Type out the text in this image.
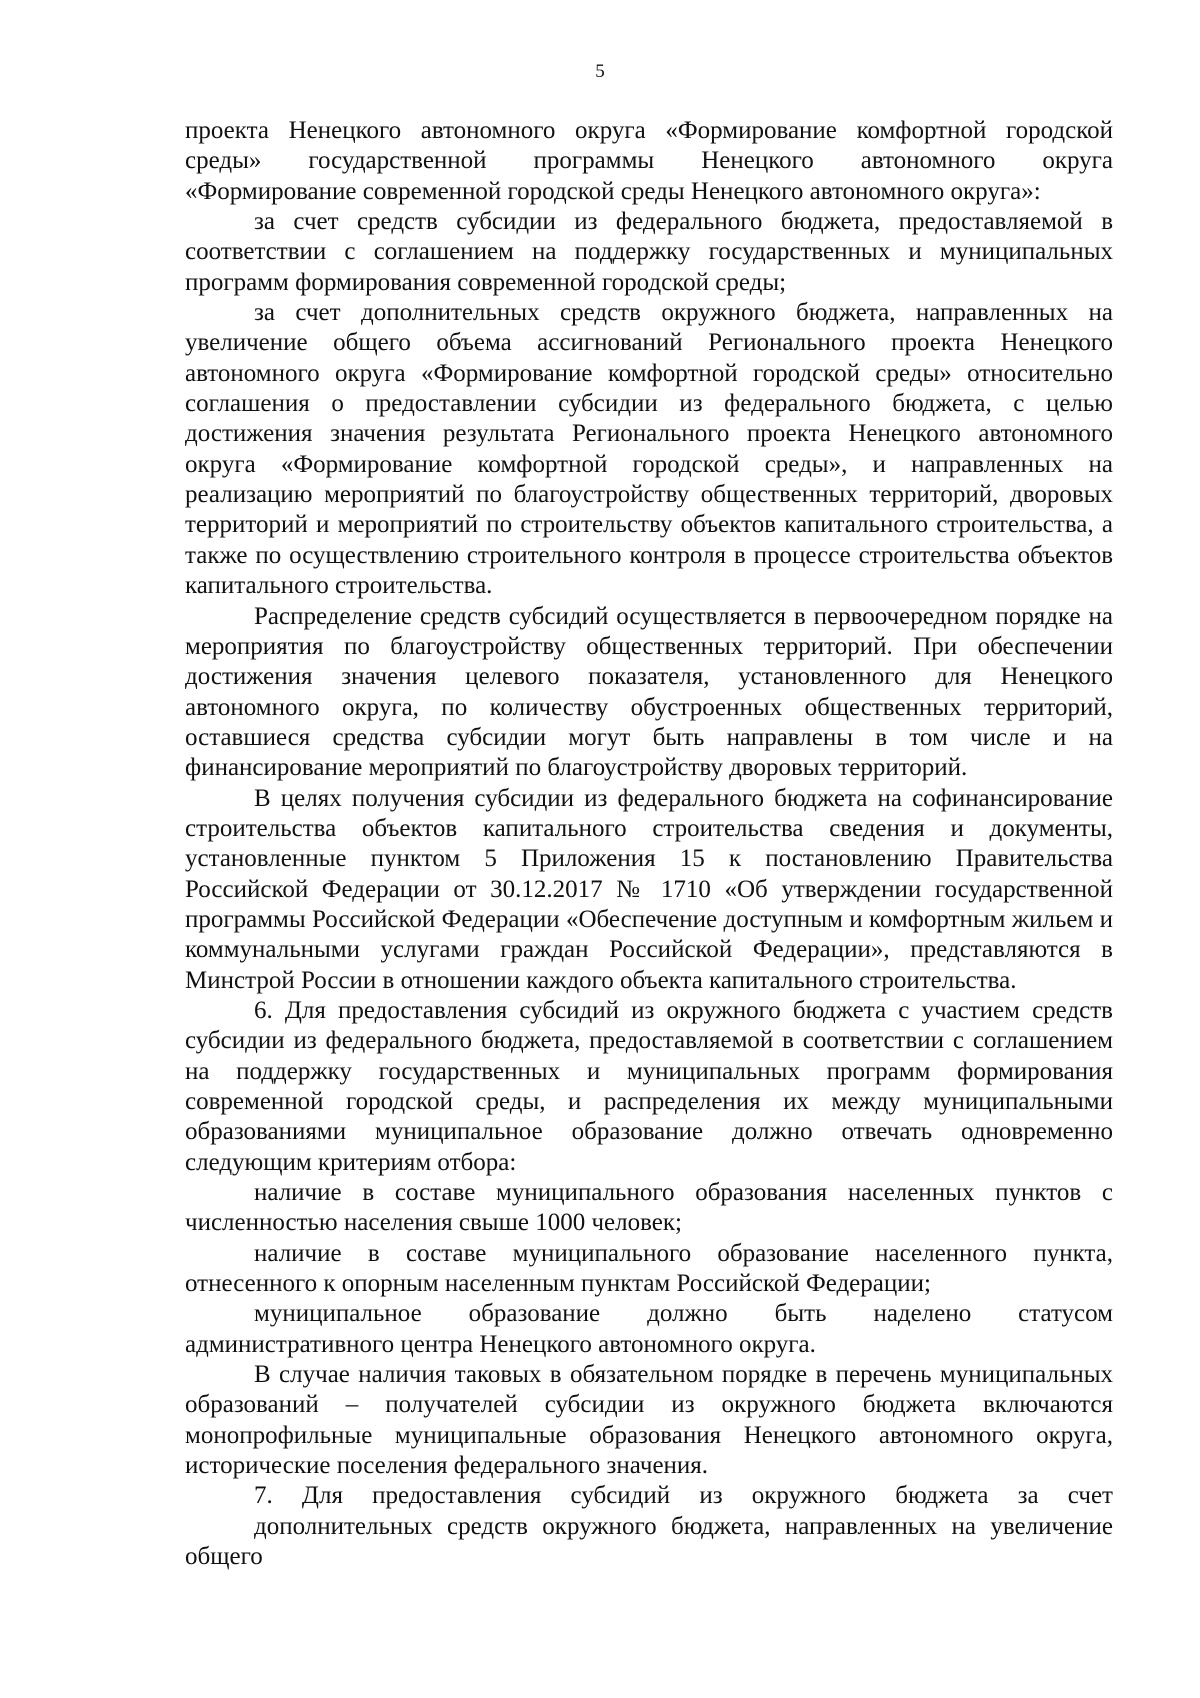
5

проекта Ненецкого автономного округа «Формирование комфортной городской
среды» государственной программы Ненецкого автономного округа
«Формирование современной городской среды Ненецкого автономного округа»:

за счет средств субсидии из федерального бюджета, предоставляемой в соответствии с соглашением на поддержку государственных и муниципальных программ формирования современной городской среды;

за счет дополнительных средств окружного бюджета, направленных на увеличение общего объема ассигнований Регионального проекта Ненецкого автономного округа «Формирование комфортной городской среды» относительно соглашения о предоставлении субсидии из федерального бюджета, с целью достижения значения результата Регионального проекта Ненецкого автономного округа «Формирование комфортной городской среды», и направленных на реализацию мероприятий по благоустройству общественных территорий, дворовых территорий и мероприятий по строительству объектов капитального строительства, а также по осуществлению строительного контроля в процессе строительства объектов капитального строительства.

Распределение средств субсидий осуществляется в первоочередном порядке на мероприятия по благоустройству общественных территорий. При обеспечении достижения значения целевого показателя, установленного для Ненецкого автономного округа, по количеству обустроенных общественных территорий, оставшиеся средства субсидии могут быть направлены в том числе и на финансирование мероприятий по благоустройству дворовых территорий.

В целях получения субсидии из федерального бюджета на софинансирование строительства объектов капитального строительства сведения и документы, установленные пунктом 5 Приложения 15 к постановлению Правительства Российской Федерации от 30.12.2017 № 1710 «Об утверждении государственной программы Российской Федерации «Обеспечение доступным и комфортным жильем и коммунальными услугами граждан Российской Федерации», представляются в Минстрой России в отношении каждого объекта капитального строительства.

6. Для предоставления субсидий из окружного бюджета с участием средств субсидии из федерального бюджета, предоставляемой в соответствии с соглашением на поддержку государственных и муниципальных программ формирования современной городской среды, и распределения их между муниципальными образованиями муниципальное образование должно отвечать одновременно следующим критериям отбора:

наличие в составе муниципального образования населенных пунктов с численностью населения свыше 1000 человек;

наличие в составе муниципального образование населенного пункта, отнесенного к опорным населенным пунктам Российской Федерации;

муниципальное образование должно быть наделено статусом административного центра Ненецкого автономного округа.

В случае наличия таковых в обязательном порядке в перечень муниципальных образований – получателей субсидии из окружного бюджета включаются монопрофильные муниципальные образования Ненецкого автономного округа, исторические поселения федерального значения.

7. Для предоставления субсидий из окружного бюджета за счет
дополнительных средств окружного бюджета, направленных на увеличение общего
